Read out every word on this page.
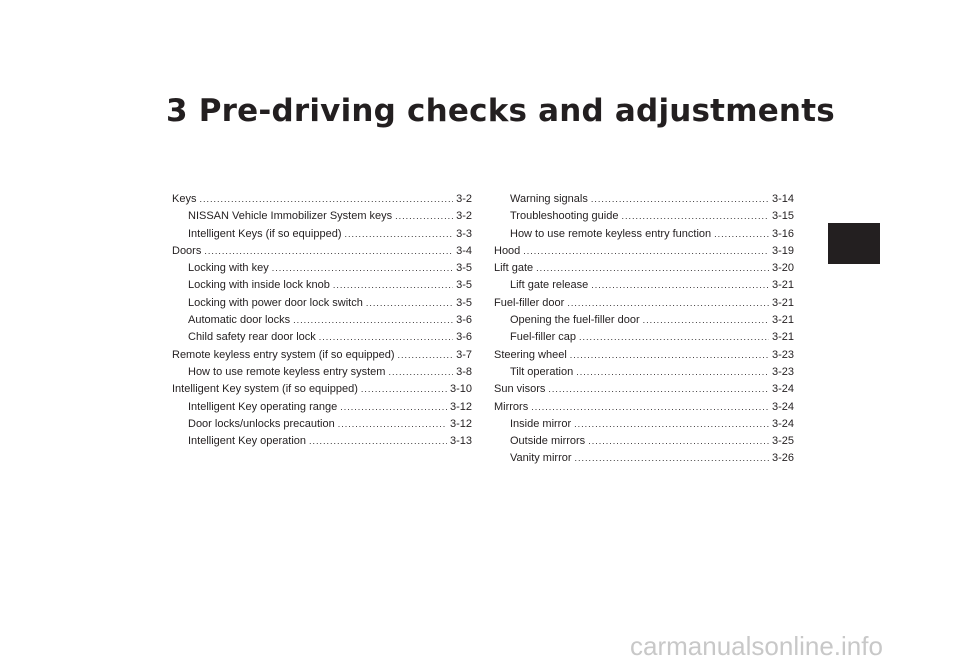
3 Pre-driving checks and adjustments
Keys .....	3-2
NISSAN Vehicle Immobilizer System keys .....	3-2
Intelligent Keys (if so equipped) .....	3-3
Doors .....	3-4
Locking with key .....	3-5
Locking with inside lock knob .....	3-5
Locking with power door lock switch .....	3-5
Automatic door locks .....	3-6
Child safety rear door lock .....	3-6
Remote keyless entry system (if so equipped) .....	3-7
How to use remote keyless entry system .....	3-8
Intelligent Key system (if so equipped) .....	3-10
Intelligent Key operating range .....	3-12
Door locks/unlocks precaution .....	3-12
Intelligent Key operation .....	3-13
Warning signals .....	3-14
Troubleshooting guide .....	3-15
How to use remote keyless entry function .....	3-16
Hood .....	3-19
Lift gate .....	3-20
Lift gate release .....	3-21
Fuel-filler door .....	3-21
Opening the fuel-filler door .....	3-21
Fuel-filler cap .....	3-21
Steering wheel .....	3-23
Tilt operation .....	3-23
Sun visors .....	3-24
Mirrors .....	3-24
Inside mirror .....	3-24
Outside mirrors .....	3-25
Vanity mirror .....	3-26
carmanualsonline.info
